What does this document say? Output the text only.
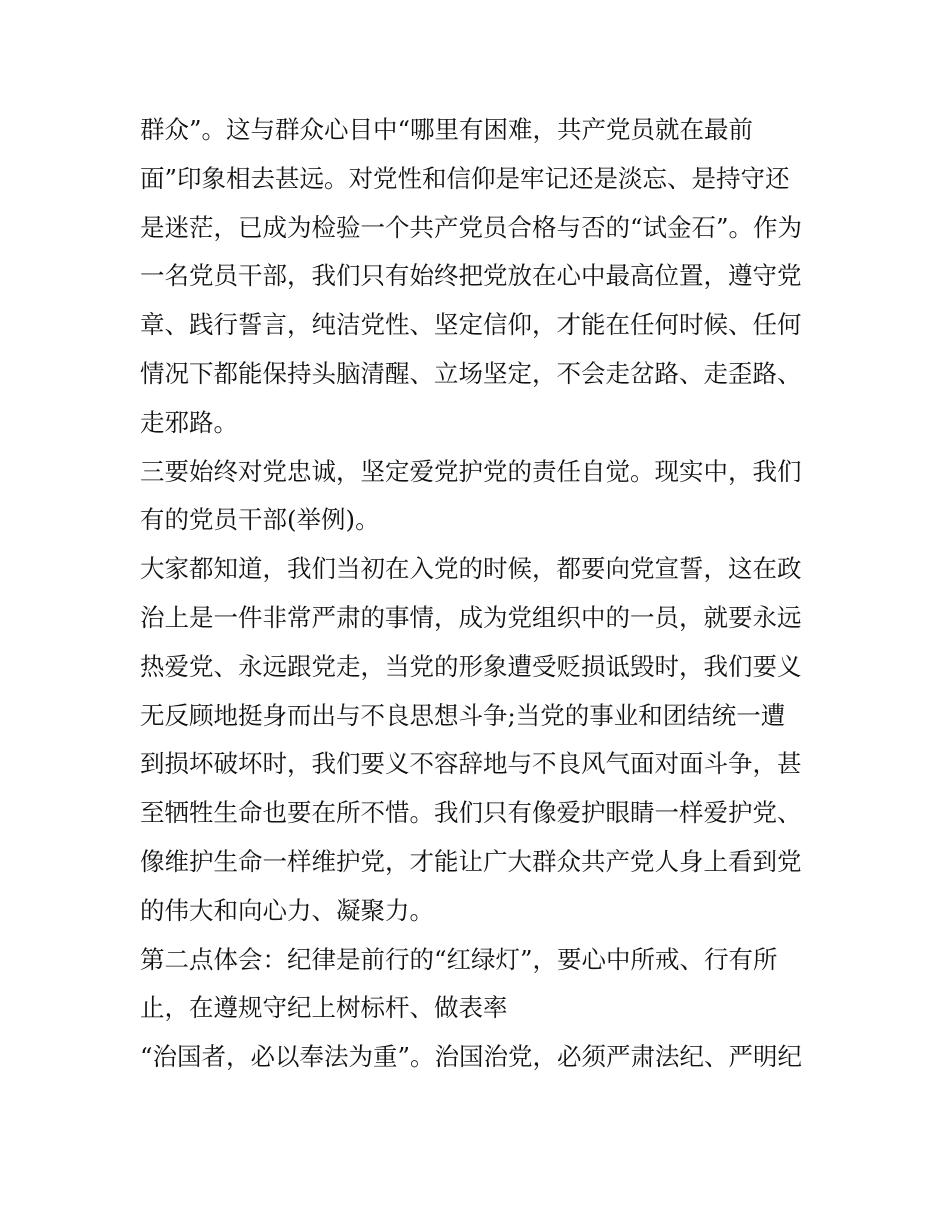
群众”。这与群众心目中“哪里有困难，共产党员就在最前
面”印象相去甚远。对党性和信仰是牢记还是淡忘、是持守还
是迷茫，已成为检验一个共产党员合格与否的“试金石”。作为
一名党员干部，我们只有始终把党放在心中最高位置，遵守党
章、践行誓言，纯洁党性、坚定信仰，才能在任何时候、任何
情况下都能保持头脑清醒、立场坚定，不会走岔路、走歪路、
走邪路。
三要始终对党忠诚，坚定爱党护党的责任自觉。现实中，我们
有的党员干部(举例)。
大家都知道，我们当初在入党的时候，都要向党宣誓，这在政
治上是一件非常严肃的事情，成为党组织中的一员，就要永远
热爱党、永远跟党走，当党的形象遭受贬损诋毁时，我们要义
无反顾地挺身而出与不良思想斗争;当党的事业和团结统一遭
到损坏破坏时，我们要义不容辞地与不良风气面对面斗争，甚
至牺牲生命也要在所不惜。我们只有像爱护眼睛一样爱护党、
像维护生命一样维护党，才能让广大群众共产党人身上看到党
的伟大和向心力、凝聚力。
第二点体会：纪律是前行的“红绿灯”，要心中所戒、行有所
止，在遵规守纪上树标杆、做表率
“治国者，必以奉法为重”。治国治党，必须严肃法纪、严明纪
